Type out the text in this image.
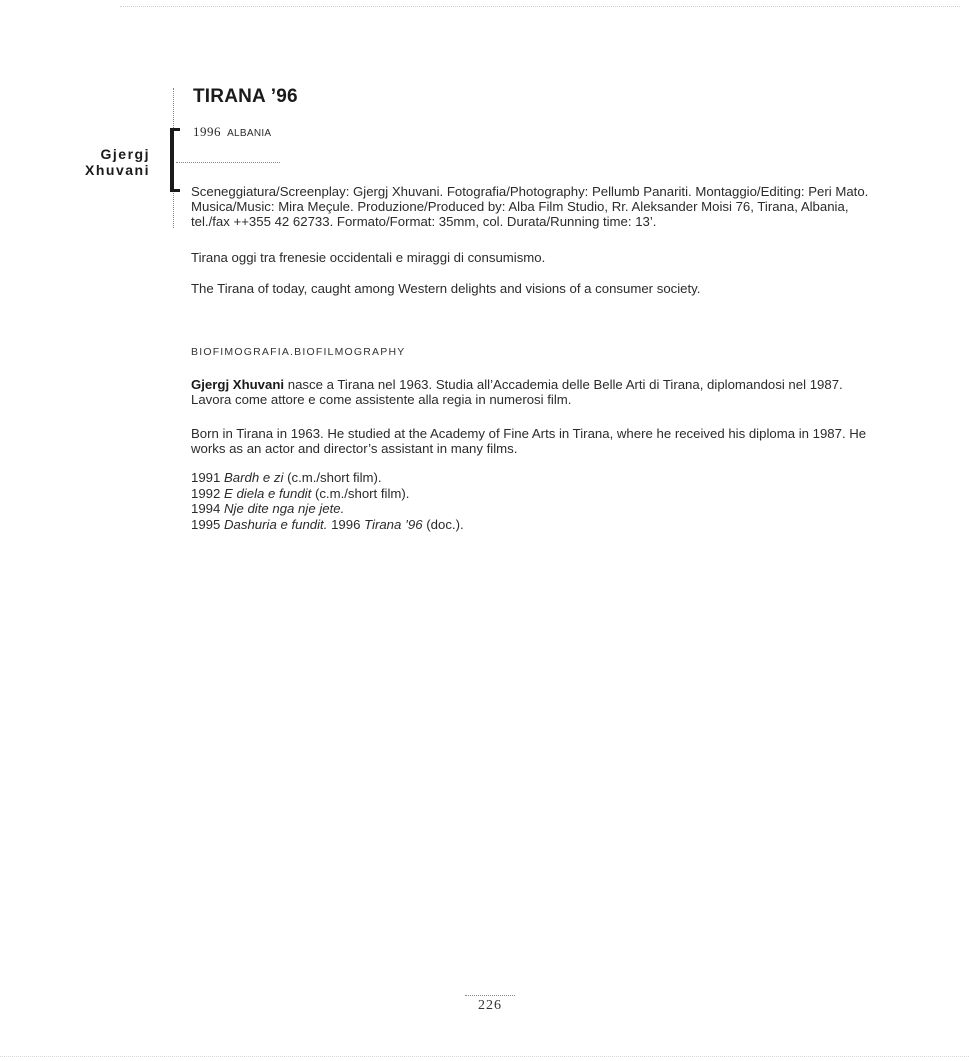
Gjergj
Xhuvani
TIRANA ’96
1996 ALBANIA
Sceneggiatura/Screenplay: Gjergj Xhuvani. Fotografia/Photography: Pellumb Panariti. Montaggio/Editing: Peri Mato. Musica/Music: Mira Meçule. Produzione/Produced by: Alba Film Studio, Rr. Aleksander Moisi 76, Tirana, Albania, tel./fax ++355 42 62733. Formato/Format: 35mm, col. Durata/Running time: 13’.
Tirana oggi tra frenesie occidentali e miraggi di consumismo.
The Tirana of today, caught among Western delights and visions of a consumer society.
BIOFIMOGRAFIA.BIOFILMOGRAPHY
Gjergj Xhuvani nasce a Tirana nel 1963. Studia all’Accademia delle Belle Arti di Tirana, diplomandosi nel 1987. Lavora come attore e come assistente alla regia in numerosi film.
Born in Tirana in 1963. He studied at the Academy of Fine Arts in Tirana, where he received his diploma in 1987. He works as an actor and director’s assistant in many films.
1991 Bardh e zi (c.m./short film).
1992 E diela e fundit (c.m./short film).
1994 Nje dite nga nje jete.
1995 Dashuria e fundit. 1996 Tirana ’96 (doc.).
226
